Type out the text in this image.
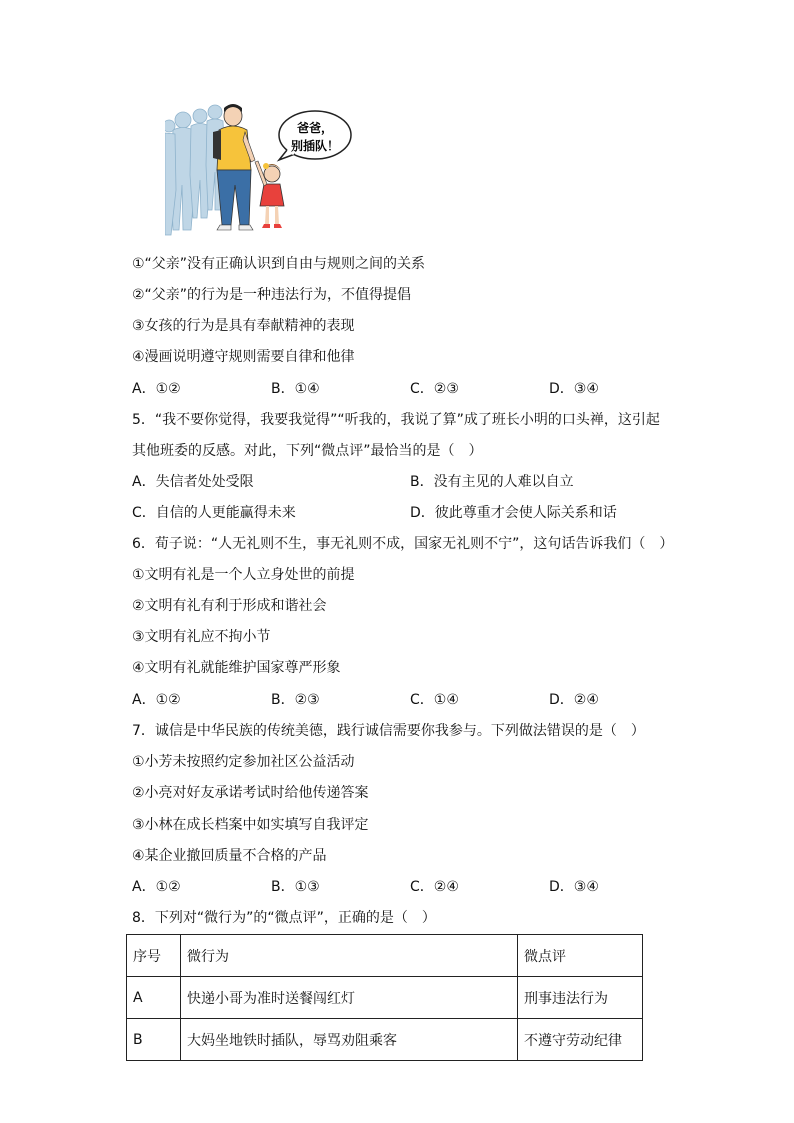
爸爸，
别插队！
①“父亲”没有正确认识到自由与规则之间的关系
②“父亲”的行为是一种违法行为，不值得提倡
③女孩的行为是具有奉献精神的表现
④漫画说明遵守规则需要自律和他律
A．①②	B．①④	C．②③	D．③④
5．“我不要你觉得，我要我觉得”“听我的，我说了算”成了班长小明的口头禅，这引起
其他班委的反感。对此，下列“微点评”最恰当的是（　）
A．失信者处处受限	B．没有主见的人难以自立
C．自信的人更能赢得未来	D．彼此尊重才会使人际关系和话
6．荀子说：“人无礼则不生，事无礼则不成，国家无礼则不宁”，这句话告诉我们（　）
①文明有礼是一个人立身处世的前提
②文明有礼有利于形成和谐社会
③文明有礼应不拘小节
④文明有礼就能维护国家尊严形象
A．①②	B．②③	C．①④	D．②④
7．诚信是中华民族的传统美德，践行诚信需要你我参与。下列做法错误的是（　）
①小芳未按照约定参加社区公益活动
②小亮对好友承诺考试时给他传递答案
③小林在成长档案中如实填写自我评定
④某企业撤回质量不合格的产品
A．①②	B．①③	C．②④	D．③④
8．下列对“微行为”的“微点评”，正确的是（　）
序号	微行为	微点评
A	快递小哥为准时送餐闯红灯	刑事违法行为
B	大妈坐地铁时插队，辱骂劝阻乘客	不遵守劳动纪律
